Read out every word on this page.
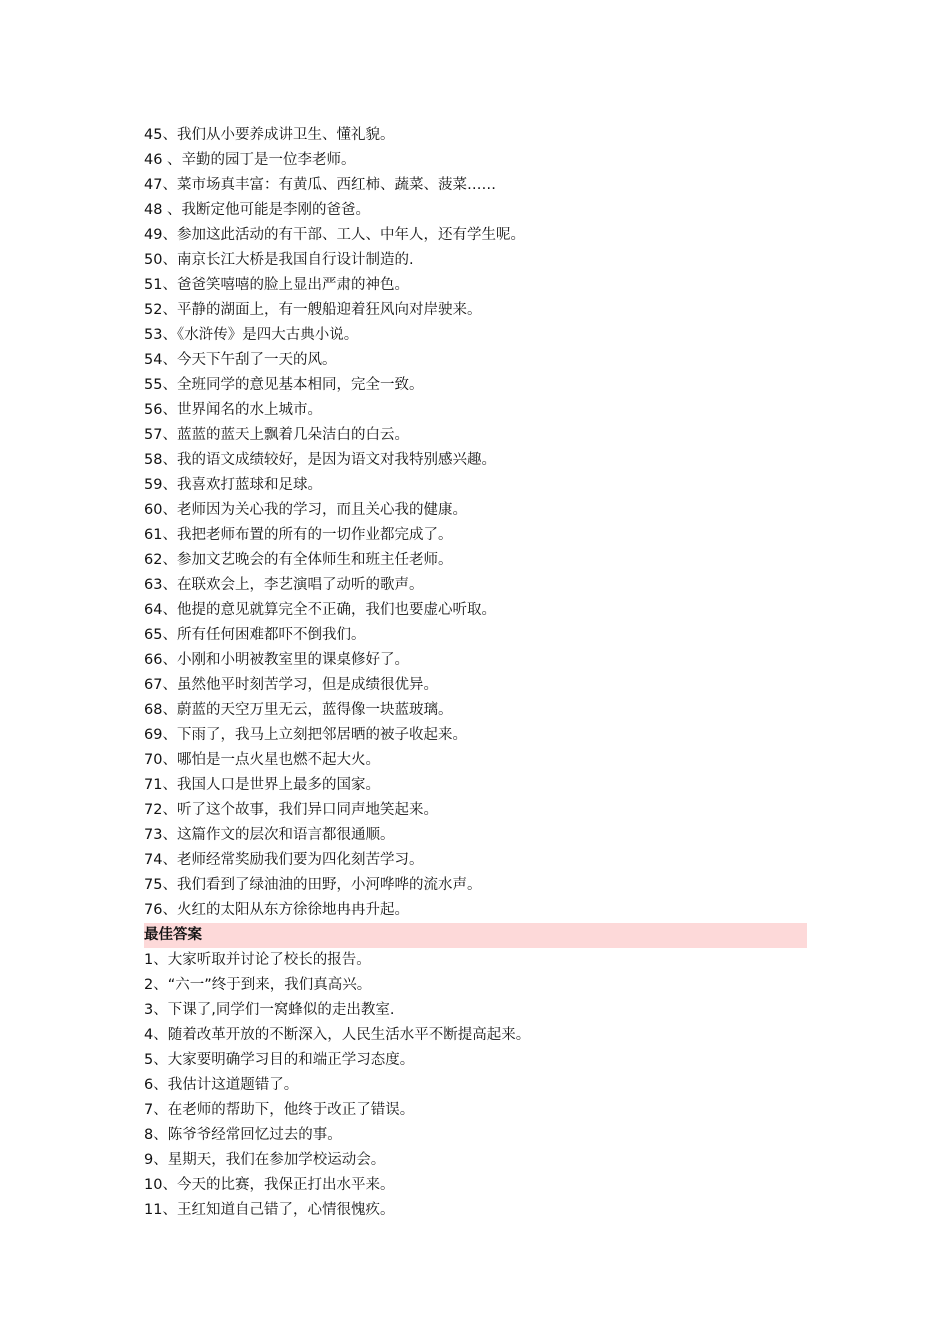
45、我们从小要养成讲卫生、懂礼貌。
46 、辛勤的园丁是一位李老师。
47、菜市场真丰富：有黄瓜、西红柿、蔬菜、菠菜……
48 、我断定他可能是李刚的爸爸。
49、参加这此活动的有干部、工人、中年人，还有学生呢。
50、南京长江大桥是我国自行设计制造的.
51、爸爸笑嘻嘻的脸上显出严肃的神色。
52、平静的湖面上，有一艘船迎着狂风向对岸驶来。
53、《水浒传》是四大古典小说。
54、今天下午刮了一天的风。
55、全班同学的意见基本相同，完全一致。
56、世界闻名的水上城市。
57、蓝蓝的蓝天上飘着几朵洁白的白云。
58、我的语文成绩较好，是因为语文对我特别感兴趣。
59、我喜欢打蓝球和足球。
60、老师因为关心我的学习，而且关心我的健康。
61、我把老师布置的所有的一切作业都完成了。
62、参加文艺晚会的有全体师生和班主任老师。
63、在联欢会上，李艺演唱了动听的歌声。
64、他提的意见就算完全不正确，我们也要虚心听取。
65、所有任何困难都吓不倒我们。
66、小刚和小明被教室里的课桌修好了。
67、虽然他平时刻苦学习，但是成绩很优异。
68、蔚蓝的天空万里无云，蓝得像一块蓝玻璃。
69、下雨了，我马上立刻把邻居晒的被子收起来。
70、哪怕是一点火星也燃不起大火。
71、我国人口是世界上最多的国家。
72、听了这个故事，我们异口同声地笑起来。
73、这篇作文的层次和语言都很通顺。
74、老师经常奖励我们要为四化刻苦学习。
75、我们看到了绿油油的田野，小河哗哗的流水声。
76、火红的太阳从东方徐徐地冉冉升起。
最佳答案
1、大家听取并讨论了校长的报告。
2、“六一”终于到来，我们真高兴。
3、下课了,同学们一窝蜂似的走出教室.
4、随着改革开放的不断深入，人民生活水平不断提高起来。
5、大家要明确学习目的和端正学习态度。
6、我估计这道题错了。
7、在老师的帮助下，他终于改正了错误。
8、陈爷爷经常回忆过去的事。
9、星期天，我们在参加学校运动会。
10、今天的比赛，我保正打出水平来。
11、王红知道自己错了，心情很愧疚。
